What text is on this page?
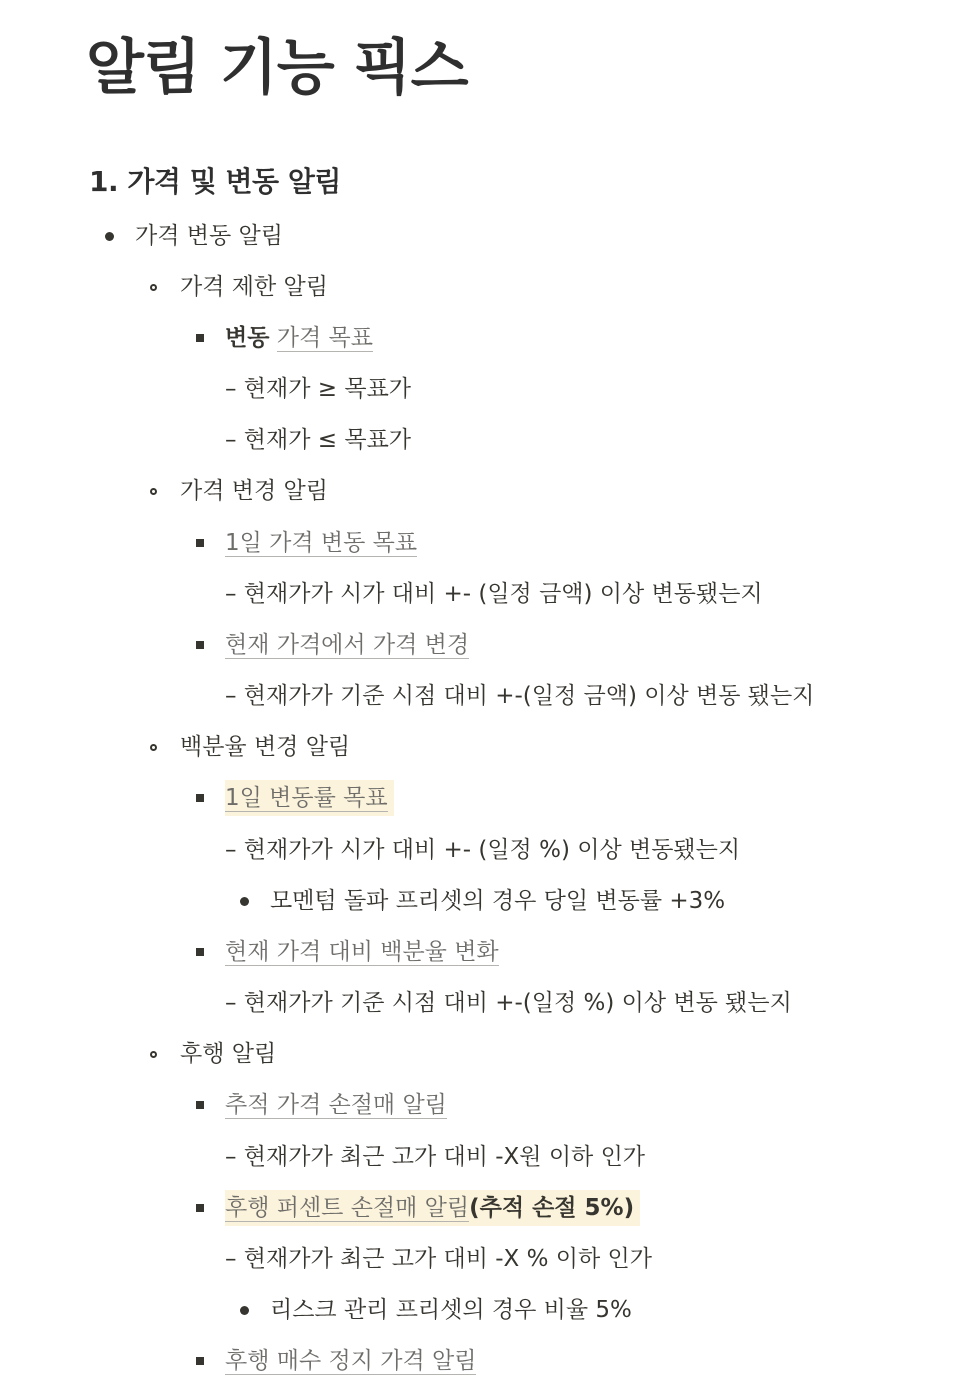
알림 기능 픽스
1. 가격 및 변동 알림
가격 변동 알림
가격 제한 알림
변동 가격 목표
– 현재가 ≥ 목표가
– 현재가 ≤ 목표가
가격 변경 알림
1일 가격 변동 목표
– 현재가가 시가 대비 +- (일정 금액) 이상 변동됐는지
현재 가격에서 가격 변경
– 현재가가 기준 시점 대비 +-(일정 금액) 이상 변동 됐는지
백분율 변경 알림
1일 변동률 목표
– 현재가가 시가 대비 +- (일정 %) 이상 변동됐는지
모멘텀 돌파 프리셋의 경우 당일 변동률 +3%
현재 가격 대비 백분율 변화
– 현재가가 기준 시점 대비 +-(일정 %) 이상 변동 됐는지
후행 알림
추적 가격 손절매 알림
– 현재가가 최근 고가 대비 -X원 이하 인가
후행 퍼센트 손절매 알림(추적 손절 5%)
– 현재가가 최근 고가 대비 -X % 이하 인가
리스크 관리 프리셋의 경우 비율 5%
후행 매수 정지 가격 알림
